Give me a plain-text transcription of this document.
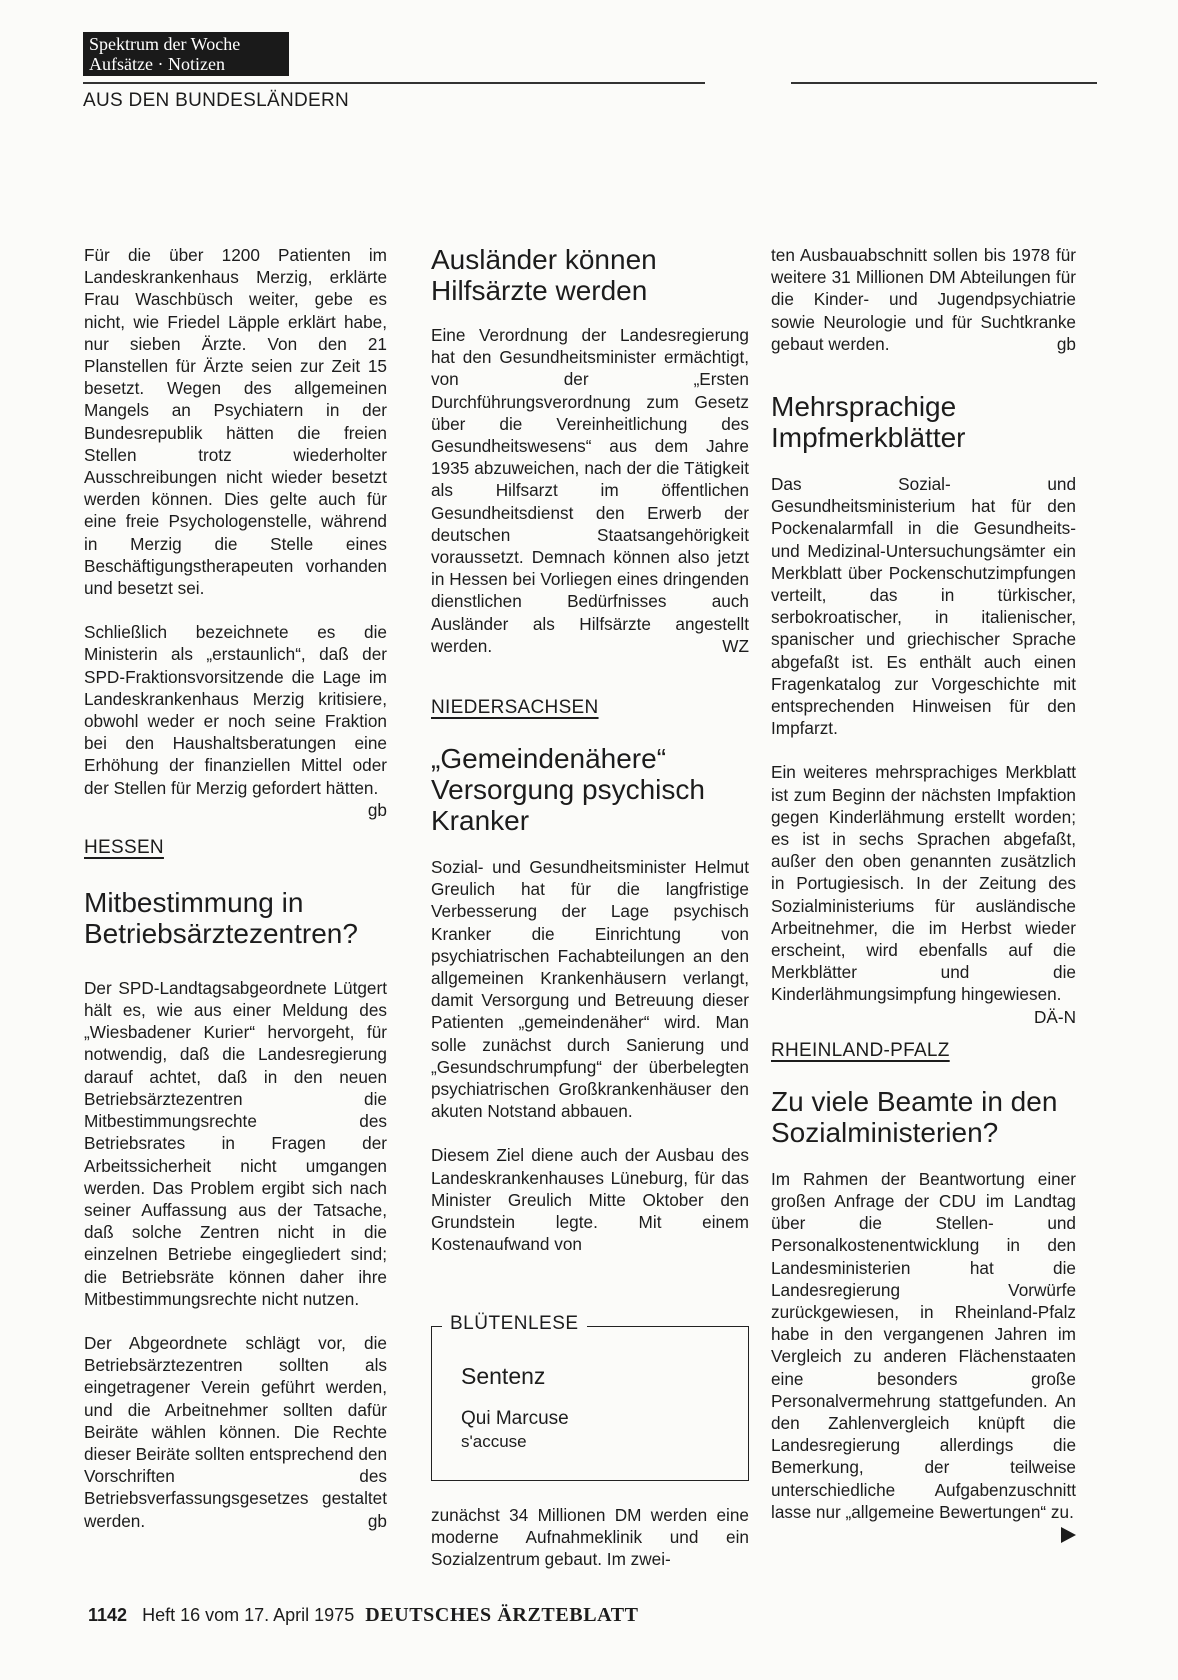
Spektrum der Woche
Aufsätze · Notizen
AUS DEN BUNDESLÄNDERN

Für die über 1200 Patienten im Landeskrankenhaus Merzig, erklärte Frau Waschbüsch weiter, gebe es nicht, wie Friedel Läpple erklärt habe, nur sieben Ärzte. Von den 21 Planstellen für Ärzte seien zur Zeit 15 besetzt. Wegen des allgemeinen Mangels an Psychiatern in der Bundesrepublik hätten die freien Stellen trotz wiederholter Ausschreibungen nicht wieder besetzt werden können. Dies gelte auch für eine freie Psychologenstelle, während in Merzig die Stelle eines Beschäftigungstherapeuten vorhanden und besetzt sei.

Schließlich bezeichnete es die Ministerin als „erstaunlich“, daß der SPD-Fraktionsvorsitzende die Lage im Landeskrankenhaus Merzig kritisiere, obwohl weder er noch seine Fraktion bei den Haushaltsberatungen eine Erhöhung der finanziellen Mittel oder der Stellen für Merzig gefordert hätten.
gb

HESSEN
Mitbestimmung in Betriebsärztezentren?

Der SPD-Landtagsabgeordnete Lütgert hält es, wie aus einer Meldung des „Wiesbadener Kurier“ hervorgeht, für notwendig, daß die Landesregierung darauf achtet, daß in den neuen Betriebsärztezentren die Mitbestimmungsrechte des Betriebsrates in Fragen der Arbeitssicherheit nicht umgangen werden. Das Problem ergibt sich nach seiner Auffassung aus der Tatsache, daß solche Zentren nicht in die einzelnen Betriebe eingegliedert sind; die Betriebsräte können daher ihre Mitbestimmungsrechte nicht nutzen.

Der Abgeordnete schlägt vor, die Betriebsärztezentren sollten als eingetragener Verein geführt werden, und die Arbeitnehmer sollten dafür Beiräte wählen können. Die Rechte dieser Beiräte sollten entsprechend den Vorschriften des Betriebsverfassungsgesetzes gestaltet werden.	gb

Ausländer können Hilfsärzte werden

Eine Verordnung der Landesregierung hat den Gesundheitsminister ermächtigt, von der „Ersten Durchführungsverordnung zum Gesetz über die Vereinheitlichung des Gesundheitswesens“ aus dem Jahre 1935 abzuweichen, nach der die Tätigkeit als Hilfsarzt im öffentlichen Gesundheitsdienst den Erwerb der deutschen Staatsangehörigkeit voraussetzt. Demnach können also jetzt in Hessen bei Vorliegen eines dringenden dienstlichen Bedürfnisses auch Ausländer als Hilfsärzte angestellt werden.	WZ

NIEDERSACHSEN
„Gemeindenähere“ Versorgung psychisch Kranker

Sozial- und Gesundheitsminister Helmut Greulich hat für die langfristige Verbesserung der Lage psychisch Kranker die Einrichtung von psychiatrischen Fachabteilungen an den allgemeinen Krankenhäusern verlangt, damit Versorgung und Betreuung dieser Patienten „gemeindenäher“ wird. Man solle zunächst durch Sanierung und „Gesundschrumpfung“ der überbelegten psychiatrischen Großkrankenhäuser den akuten Notstand abbauen.

Diesem Ziel diene auch der Ausbau des Landeskrankenhauses Lüneburg, für das Minister Greulich Mitte Oktober den Grundstein legte. Mit einem Kostenaufwand von

BLÜTENLESE
Sentenz
Qui Marcuse
s'accuse

zunächst 34 Millionen DM werden eine moderne Aufnahmeklinik und ein Sozialzentrum gebaut. Im zwei-

ten Ausbauabschnitt sollen bis 1978 für weitere 31 Millionen DM Abteilungen für die Kinder- und Jugendpsychiatrie sowie Neurologie und für Suchtkranke gebaut werden.	gb

Mehrsprachige Impfmerkblätter

Das Sozial- und Gesundheitsministerium hat für den Pockenalarmfall in die Gesundheits- und Medizinal-Untersuchungsämter ein Merkblatt über Pockenschutzimpfungen verteilt, das in türkischer, serbokroatischer, in italienischer, spanischer und griechischer Sprache abgefaßt ist. Es enthält auch einen Fragenkatalog zur Vorgeschichte mit entsprechenden Hinweisen für den Impfarzt.

Ein weiteres mehrsprachiges Merkblatt ist zum Beginn der nächsten Impfaktion gegen Kinderlähmung erstellt worden; es ist in sechs Sprachen abgefaßt, außer den oben genannten zusätzlich in Portugiesisch. In der Zeitung des Sozialministeriums für ausländische Arbeitnehmer, die im Herbst wieder erscheint, wird ebenfalls auf die Merkblätter und die Kinderlähmungsimpfung hingewiesen.
DÄ-N

RHEINLAND-PFALZ
Zu viele Beamte in den Sozialministerien?

Im Rahmen der Beantwortung einer großen Anfrage der CDU im Landtag über die Stellen- und Personalkostenentwicklung in den Landesministerien hat die Landesregierung Vorwürfe zurückgewiesen, in Rheinland-Pfalz habe in den vergangenen Jahren im Vergleich zu anderen Flächenstaaten eine besonders große Personalvermehrung stattgefunden. An den Zahlenvergleich knüpft die Landesregierung allerdings die Bemerkung, der teilweise unterschiedliche Aufgabenzuschnitt lasse nur „allgemeine Bewertungen“ zu.

1142 Heft 16 vom 17. April 1975 DEUTSCHES ÄRZTEBLATT
